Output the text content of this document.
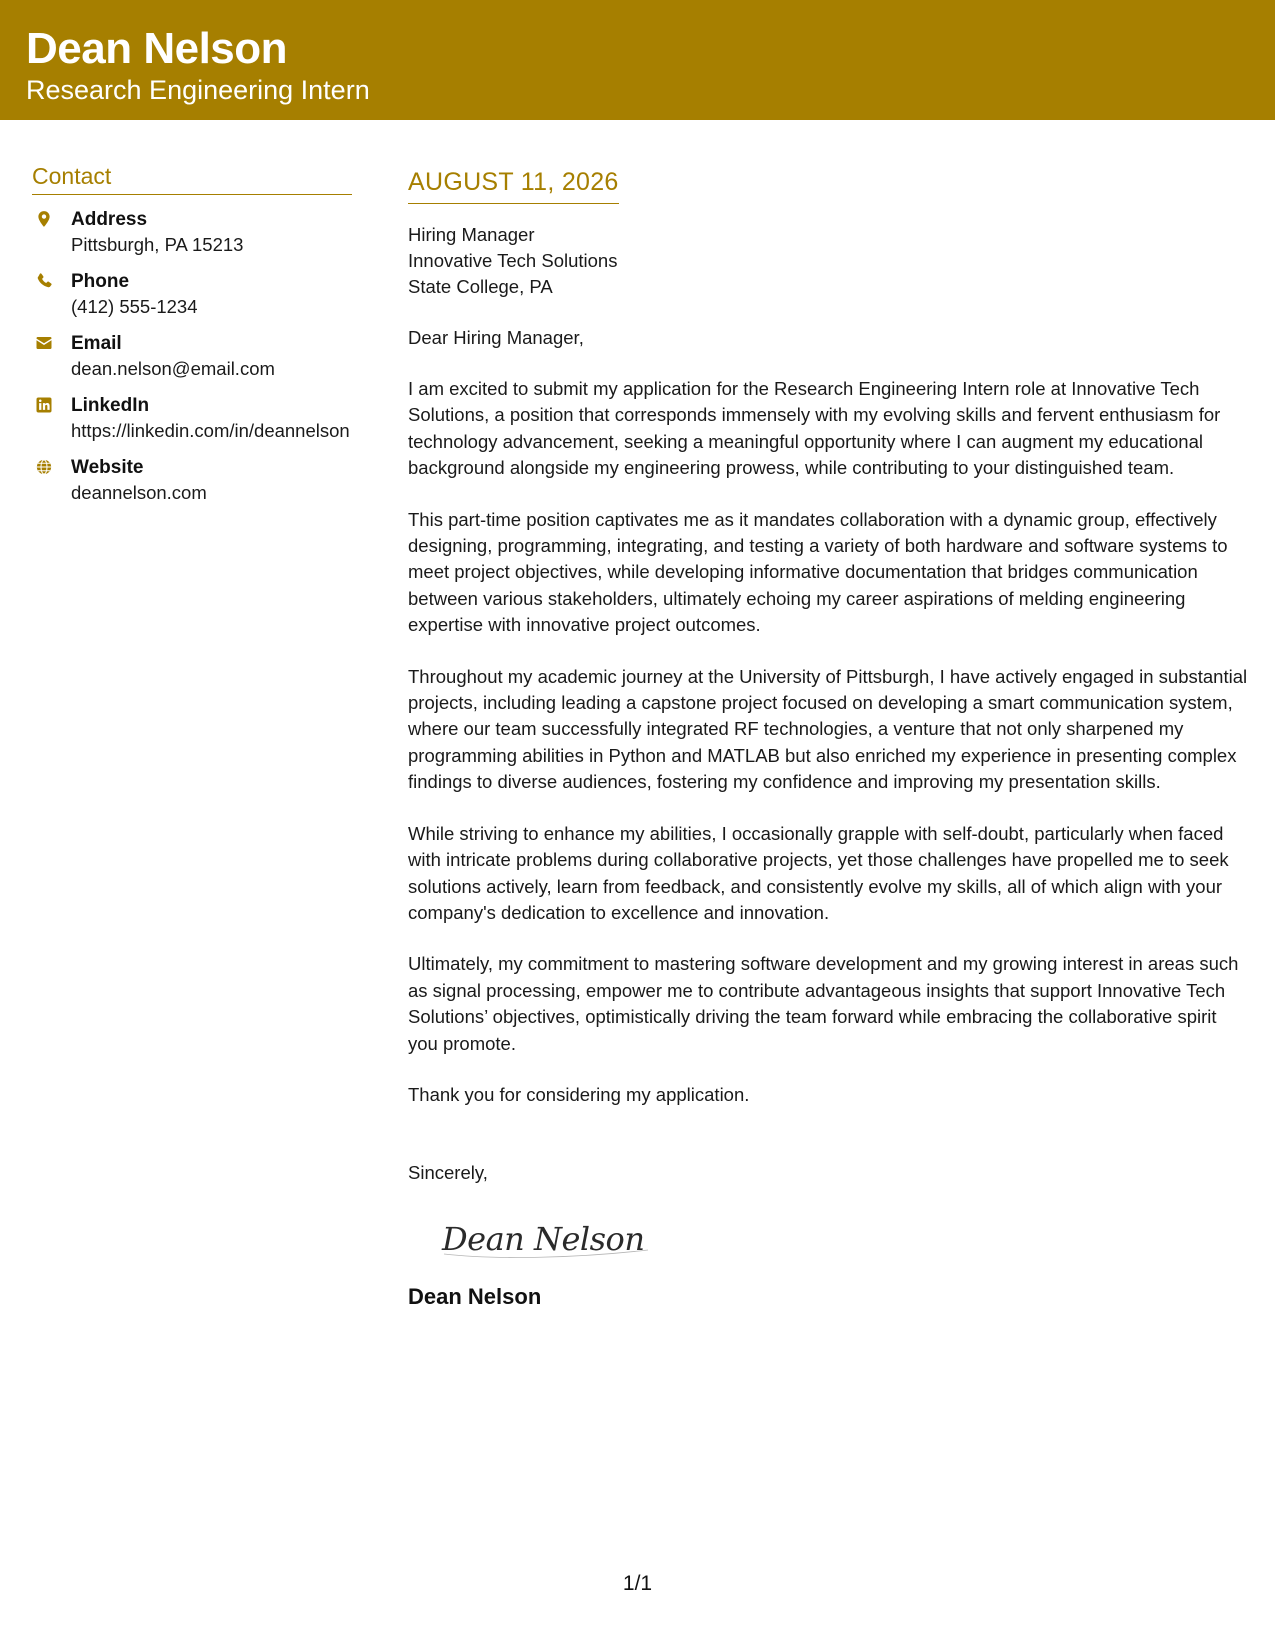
Dean Nelson
Research Engineering Intern
Contact
Address
Pittsburgh, PA 15213
Phone
(412) 555-1234
Email
dean.nelson@email.com
LinkedIn
https://linkedin.com/in/deannelson
Website
deannelson.com
AUGUST 11, 2026
Hiring Manager
Innovative Tech Solutions
State College, PA
Dear Hiring Manager,
I am excited to submit my application for the Research Engineering Intern role at Innovative Tech Solutions, a position that corresponds immensely with my evolving skills and fervent enthusiasm for technology advancement, seeking a meaningful opportunity where I can augment my educational background alongside my engineering prowess, while contributing to your distinguished team.
This part-time position captivates me as it mandates collaboration with a dynamic group, effectively designing, programming, integrating, and testing a variety of both hardware and software systems to meet project objectives, while developing informative documentation that bridges communication between various stakeholders, ultimately echoing my career aspirations of melding engineering expertise with innovative project outcomes.
Throughout my academic journey at the University of Pittsburgh, I have actively engaged in substantial projects, including leading a capstone project focused on developing a smart communication system, where our team successfully integrated RF technologies, a venture that not only sharpened my programming abilities in Python and MATLAB but also enriched my experience in presenting complex findings to diverse audiences, fostering my confidence and improving my presentation skills.
While striving to enhance my abilities, I occasionally grapple with self-doubt, particularly when faced with intricate problems during collaborative projects, yet those challenges have propelled me to seek solutions actively, learn from feedback, and consistently evolve my skills, all of which align with your company's dedication to excellence and innovation.
Ultimately, my commitment to mastering software development and my growing interest in areas such as signal processing, empower me to contribute advantageous insights that support Innovative Tech Solutions’ objectives, optimistically driving the team forward while embracing the collaborative spirit you promote.
Thank you for considering my application.
Sincerely,
Dean Nelson
Dean Nelson
1/1
